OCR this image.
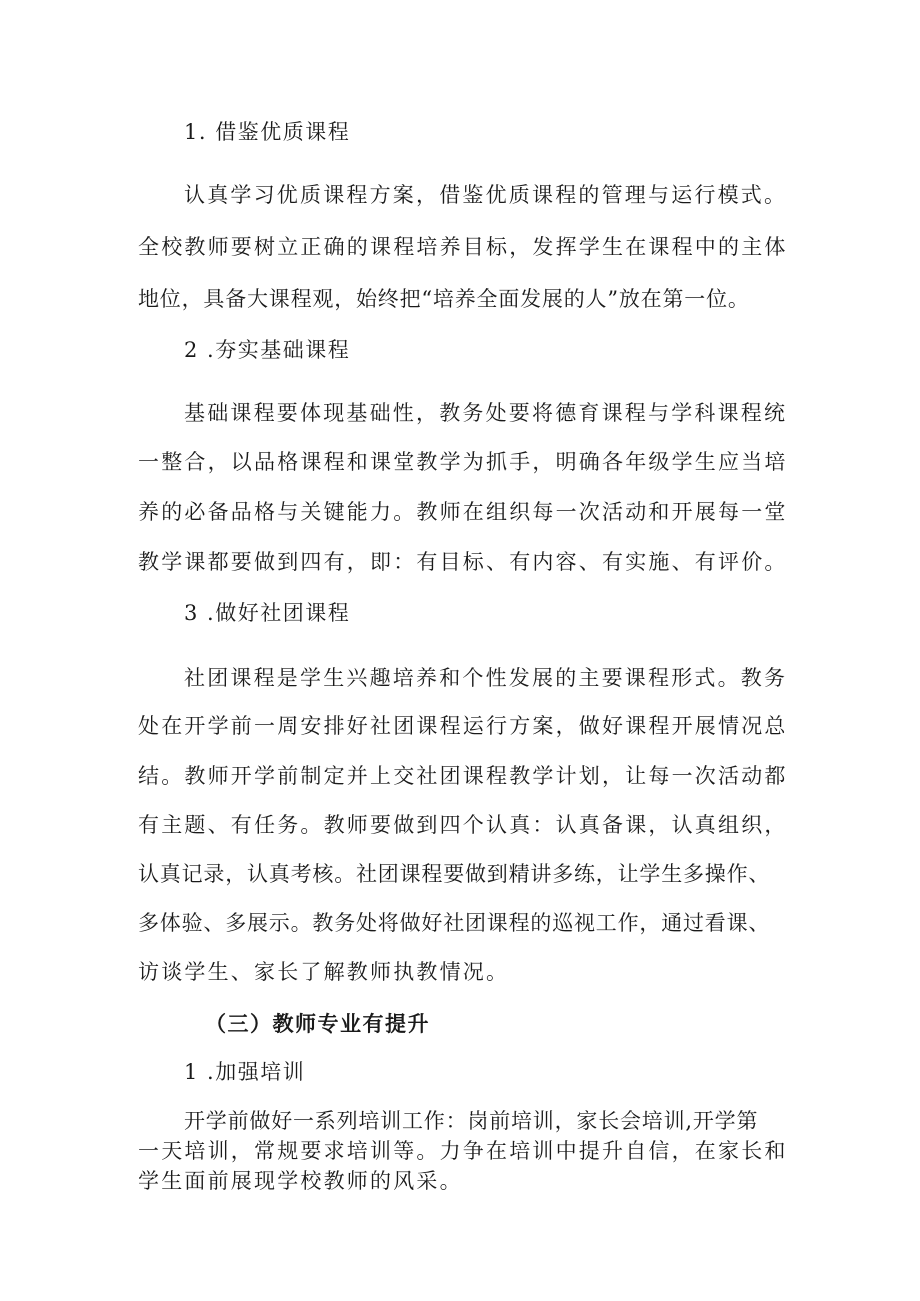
1. 借鉴优质课程
认真学习优质课程方案，借鉴优质课程的管理与运行模式。
全校教师要树立正确的课程培养目标，发挥学生在课程中的主体
地位，具备大课程观，始终把“培养全面发展的人”放在第一位。
2 .夯实基础课程
基础课程要体现基础性，教务处要将德育课程与学科课程统
一整合，以品格课程和课堂教学为抓手，明确各年级学生应当培
养的必备品格与关键能力。教师在组织每一次活动和开展每一堂
教学课都要做到四有，即：有目标、有内容、有实施、有评价。
3 .做好社团课程
社团课程是学生兴趣培养和个性发展的主要课程形式。教务
处在开学前一周安排好社团课程运行方案，做好课程开展情况总
结。教师开学前制定并上交社团课程教学计划，让每一次活动都
有主题、有任务。教师要做到四个认真：认真备课，认真组织，
认真记录，认真考核。社团课程要做到精讲多练，让学生多操作、
多体验、多展示。教务处将做好社团课程的巡视工作，通过看课、
访谈学生、家长了解教师执教情况。
（三）教师专业有提升
1 .加强培训
开学前做好一系列培训工作：岗前培训，家长会培训,开学第
一天培训，常规要求培训等。力争在培训中提升自信，在家长和
学生面前展现学校教师的风采。
